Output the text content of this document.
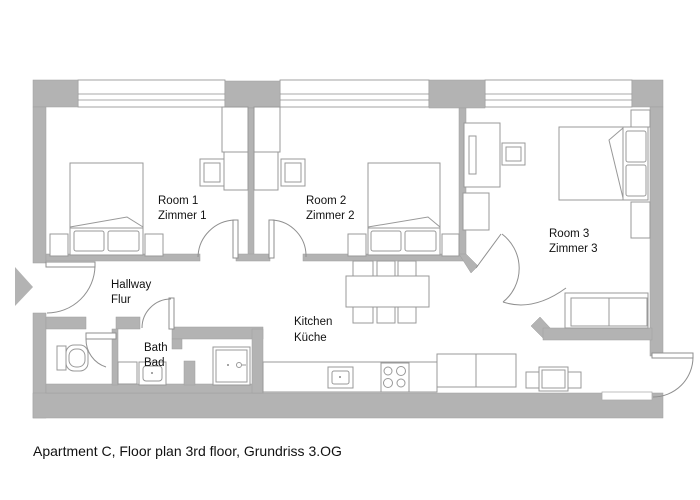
Room 1
Zimmer 1
Room 2
Zimmer 2
Room 3
Zimmer 3
Hallway
Flur
Bath
Bad
Kitchen
Küche
Apartment C, Floor plan 3rd floor, Grundriss 3.OG
